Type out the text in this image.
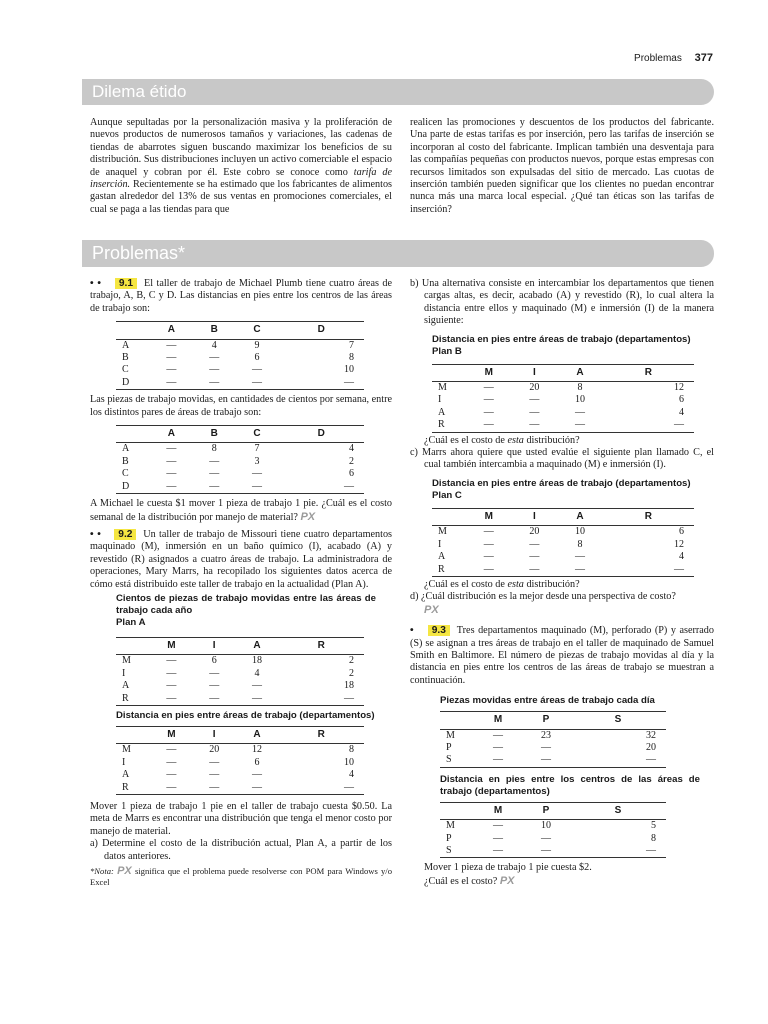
Problemas 377
Dilema étido

Aunque sepultadas por la personalización masiva y la proliferación de nuevos productos de numerosos tamaños y variaciones, las cadenas de tiendas de abarrotes siguen buscando maximizar los beneficios de su distribución. Sus distribuciones incluyen un activo comerciable el espacio de anaquel y cobran por él. Este cobro se conoce como tarifa de inserción. Recientemente se ha estimado que los fabricantes de alimentos gastan alrededor del 13% de sus ventas en promociones comerciales, el cual se paga a las tiendas para que

realicen las promociones y descuentos de los productos del fabricante. Una parte de estas tarifas es por inserción, pero las tarifas de inserción se incorporan al costo del fabricante. Implican también una desventaja para las compañías pequeñas con productos nuevos, porque estas empresas con recursos limitados son expulsadas del sitio de mercado. Las cuotas de inserción también pueden significar que los clientes no puedan encontrar nunca más una marca local especial. ¿Qué tan éticas son las tarifas de inserción?

Problemas*

• • 9.1 El taller de trabajo de Michael Plumb tiene cuatro áreas de trabajo, A, B, C y D. Las distancias en pies entre los centros de las áreas de trabajo son:

	A	B	C	D
A	—	4	9	7
B	—	—	6	8
C	—	—	—	10
D	—	—	—	—

Las piezas de trabajo movidas, en cantidades de cientos por semana, entre los distintos pares de áreas de trabajo son:

	A	B	C	D
A	—	8	7	4
B	—	—	3	2
C	—	—	—	6
D	—	—	—	—

A Michael le cuesta $1 mover 1 pieza de trabajo 1 pie. ¿Cuál es el costo semanal de la distribución por manejo de material? PX

• • 9.2 Un taller de trabajo de Missouri tiene cuatro departamentos maquinado (M), inmersión en un baño químico (I), acabado (A) y revestido (R) asignados a cuatro áreas de trabajo. La administradora de operaciones, Mary Marrs, ha recopilado los siguientes datos acerca de cómo está distribuido este taller de trabajo en la actualidad (Plan A).

Cientos de piezas de trabajo movidas entre las áreas de trabajo cada año
Plan A
	M	I	A	R
M	—	6	18	2
I	—	—	4	2
A	—	—	—	18
R	—	—	—	—
Distancia en pies entre áreas de trabajo (departamentos)
	M	I	A	R
M	—	20	12	8
I	—	—	6	10
A	—	—	—	4
R	—	—	—	—

Mover 1 pieza de trabajo 1 pie en el taller de trabajo cuesta $0.50. La meta de Marrs es encontrar una distribución que tenga el menor costo por manejo de material.

a) Determine el costo de la distribución actual, Plan A, a partir de los datos anteriores.

*Nota: PX significa que el problema puede resolverse con POM para Windows y/o Excel

b) Una alternativa consiste en intercambiar los departamentos que tienen cargas altas, es decir, acabado (A) y revestido (R), lo cual altera la distancia entre ellos y maquinado (M) e inmersión (I) de la manera siguiente:

Distancia en pies entre áreas de trabajo (departamentos)
Plan B
	M	I	A	R
M	—	20	8	12
I	—	—	10	6
A	—	—	—	4
R	—	—	—	—

¿Cuál es el costo de esta distribución?

c) Marrs ahora quiere que usted evalúe el siguiente plan llamado C, el cual también intercambia a maquinado (M) e inmersión (I).

Distancia en pies entre áreas de trabajo (departamentos)
Plan C
	M	I	A	R
M	—	20	10	6
I	—	—	8	12
A	—	—	—	4
R	—	—	—	—

¿Cuál es el costo de esta distribución?

d) ¿Cuál distribución es la mejor desde una perspectiva de costo?

PX

• 9.3 Tres departamentos maquinado (M), perforado (P) y aserrado (S) se asignan a tres áreas de trabajo en el taller de maquinado de Samuel Smith en Baltimore. El número de piezas de trabajo movidas al día y la distancia en pies entre los centros de las áreas de trabajo se muestran a continuación.

Piezas movidas entre áreas de trabajo cada día
	M	P	S
M	—	23	32
P	—	—	20
S	—	—	—
Distancia en pies entre los centros de las áreas de trabajo (departamentos)
	M	P	S
M	—	10	5
P	—	—	8
S	—	—	—

Mover 1 pieza de trabajo 1 pie cuesta $2.

¿Cuál es el costo? PX
